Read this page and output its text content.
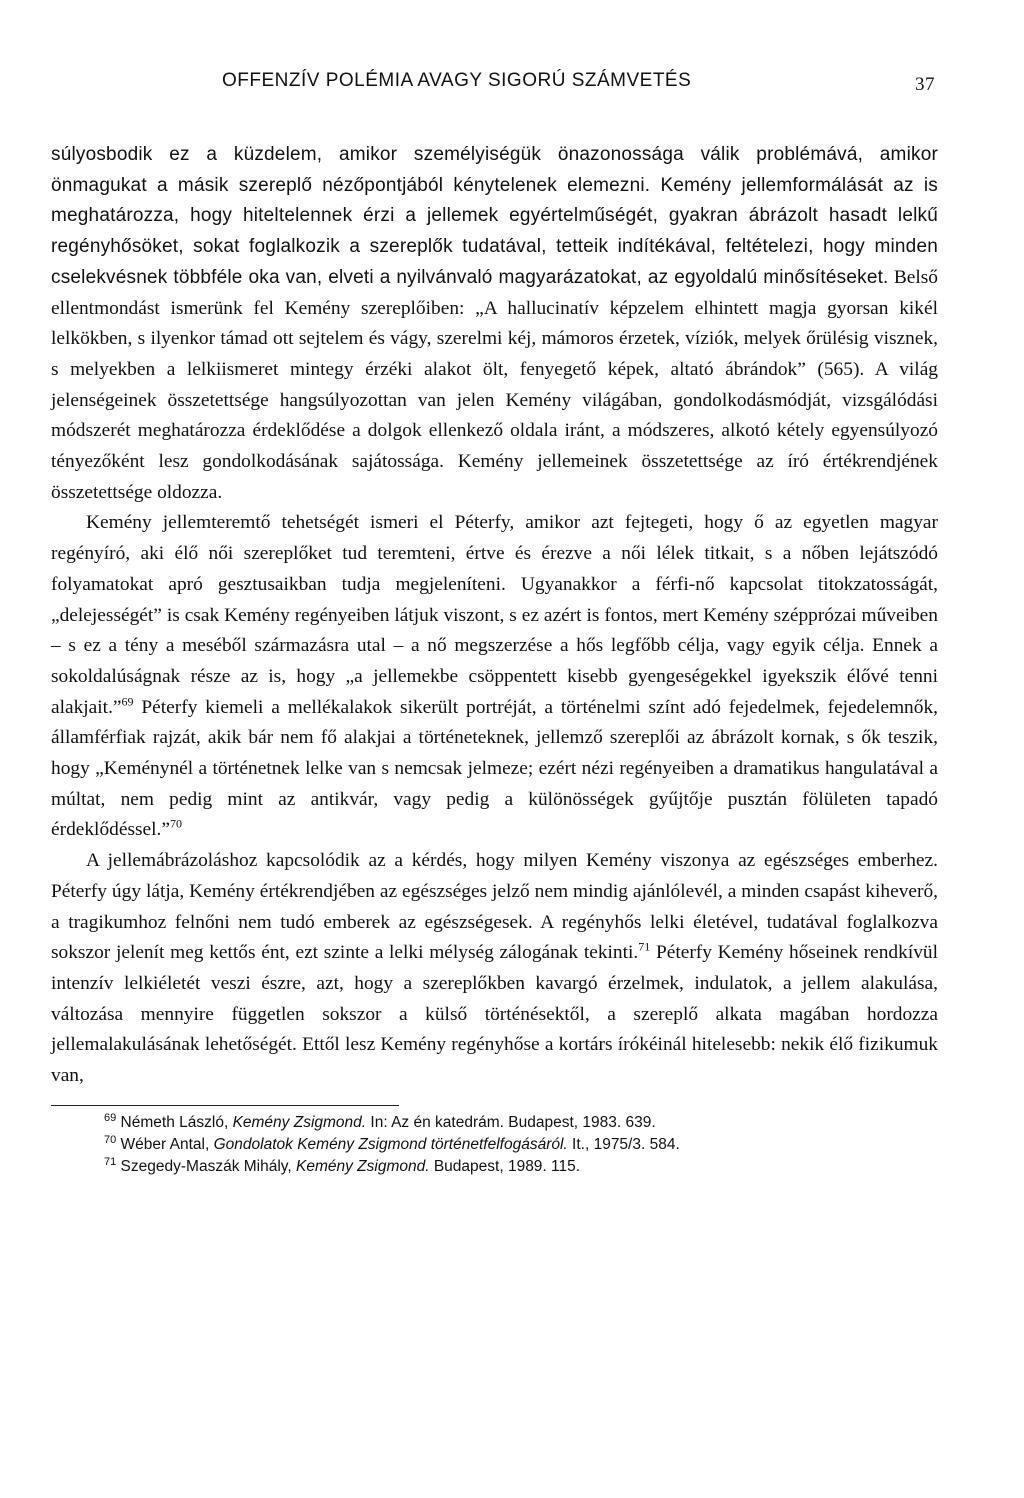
OFFENZÍV POLÉMIA AVAGY SIGORÚ SZÁMVETÉS	37

súlyosbodik ez a küzdelem, amikor személyiségük önazonossága válik problémává, amikor önmagukat a másik szereplő nézőpontjából kénytelenek elemezni. Kemény jellemformálását az is meghatározza, hogy hiteltelennek érzi a jellemek egyértelműségét, gyakran ábrázolt hasadt lelkű regényhősöket, sokat foglalkozik a szereplők tudatával, tetteik indítékával, feltételezi, hogy minden cselekvésnek többféle oka van, elveti a nyilvánvaló magyarázatokat, az egyoldalú minősítéseket. Belső ellentmondást ismerünk fel Kemény szereplőiben: „A hallucinatív képzelem elhintett magja gyorsan kikél lelkökben, s ilyenkor támad ott sejtelem és vágy, szerelmi kéj, mámoros érzetek, víziók, melyek őrülésig visznek, s melyekben a lelkiismeret mintegy érzéki alakot ölt, fenyegető képek, altató ábrándok” (565). A világ jelenségeinek összetettsége hangsúlyozottan van jelen Kemény világában, gondolkodásmódját, vizsgálódási módszerét meghatározza érdeklődése a dolgok ellenkező oldala iránt, a módszeres, alkotó kétely egyensúlyozó tényezőként lesz gondolkodásának sajátossága. Kemény jellemeinek összetettsége az író értékrendjének összetettsége oldozza.

Kemény jellemteremtő tehetségét ismeri el Péterfy, amikor azt fejtegeti, hogy ő az egyetlen magyar regényíró, aki élő női szereplőket tud teremteni, értve és érezve a női lélek titkait, s a nőben lejátszódó folyamatokat apró gesztusaikban tudja megjeleníteni. Ugyanakkor a férfi-nő kapcsolat titokzatosságát, „delejességét” is csak Kemény regényeiben látjuk viszont, s ez azért is fontos, mert Kemény szépprózai műveiben – s ez a tény a meséből származásra utal – a nő megszerzése a hős legfőbb célja, vagy egyik célja. Ennek a sokoldalúságnak része az is, hogy „a jellemekbe csöppentett kisebb gyengeségekkel igyekszik élővé tenni alakjait.”$^{69}$ Péterfy kiemeli a mellékalakok sikerült portréját, a történelmi színt adó fejedelmek, fejedelemnők, államférfiak rajzát, akik bár nem fő alakjai a történeteknek, jellemző szereplői az ábrázolt kornak, s ők teszik, hogy „Keménynél a történetnek lelke van s nemcsak jelmeze; ezért nézi regényeiben a dramatikus hangulatával a múltat, nem pedig mint az antikvár, vagy pedig a különösségek gyűjtője pusztán fölületen tapadó érdeklődéssel.”$^{70}$

A jellemábrázoláshoz kapcsolódik az a kérdés, hogy milyen Kemény viszonya az egészséges emberhez. Péterfy úgy látja, Kemény értékrendjében az egészséges jelző nem mindig ajánlólevél, a minden csapást kiheverő, a tragikumhoz felnőni nem tudó emberek az egészségesek. A regényhős lelki életével, tudatával foglalkozva sokszor jelenít meg kettős ént, ezt szinte a lelki mélység zálogának tekinti.$^{71}$ Péterfy Kemény hőseinek rendkívül intenzív lelkiéletét veszi észre, azt, hogy a szereplőkben kavargó érzelmek, indulatok, a jellem alakulása, változása mennyire független sokszor a külső történésektől, a szereplő alkata magában hordozza jellemalakulásának lehetőségét. Ettől lesz Kemény regényhőse a kortárs írókéinál hitelesebb: nekik élő fizikumuk van,

$^{69}$ Németh László, Kemény Zsigmond. In: Az én katedrám. Budapest, 1983. 639.
$^{70}$ Wéber Antal, Gondolatok Kemény Zsigmond történetfelfogásáról. It., 1975/3. 584.
$^{71}$ Szegedy-Maszák Mihály, Kemény Zsigmond. Budapest, 1989. 115.
